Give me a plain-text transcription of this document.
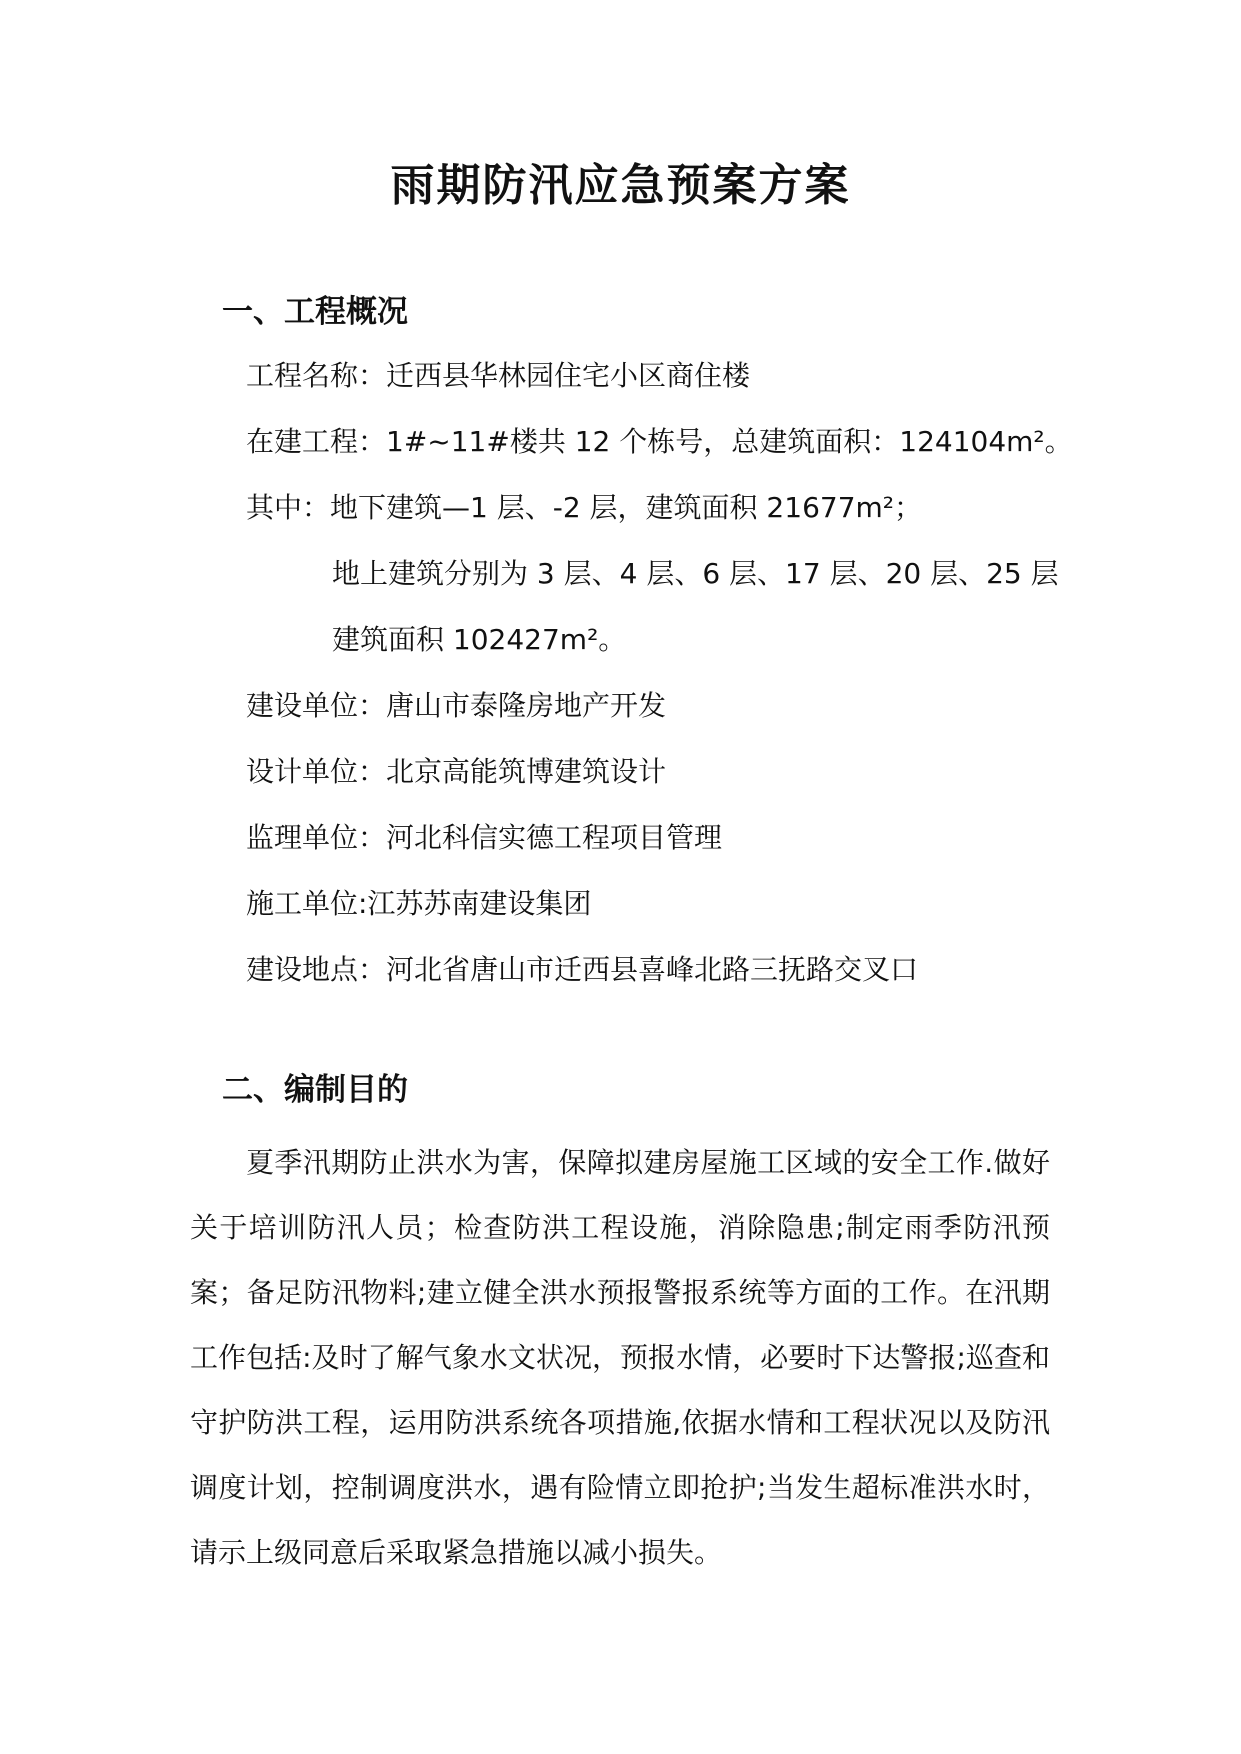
雨期防汛应急预案方案
一、工程概况

工程名称：迁西县华林园住宅小区商住楼

在建工程：1#~11#楼共 12 个栋号，总建筑面积：124104m²。

其中：地下建筑—1 层、-2 层，建筑面积 21677m²；

地上建筑分别为 3 层、4 层、6 层、17 层、20 层、25 层

建筑面积 102427m²。

建设单位：唐山市泰隆房地产开发

设计单位：北京高能筑博建筑设计

监理单位：河北科信实德工程项目管理

施工单位:江苏苏南建设集团

建设地点：河北省唐山市迁西县喜峰北路三抚路交叉口

二、编制目的

夏季汛期防止洪水为害，保障拟建房屋施工区域的安全工作.做好关于培训防汛人员；检查防洪工程设施，消除隐患;制定雨季防汛预案；备足防汛物料;建立健全洪水预报警报系统等方面的工作。在汛期工作包括:及时了解气象水文状况，预报水情，必要时下达警报;巡查和守护防洪工程，运用防洪系统各项措施,依据水情和工程状况以及防汛调度计划，控制调度洪水，遇有险情立即抢护;当发生超标准洪水时，请示上级同意后采取紧急措施以减小损失。
